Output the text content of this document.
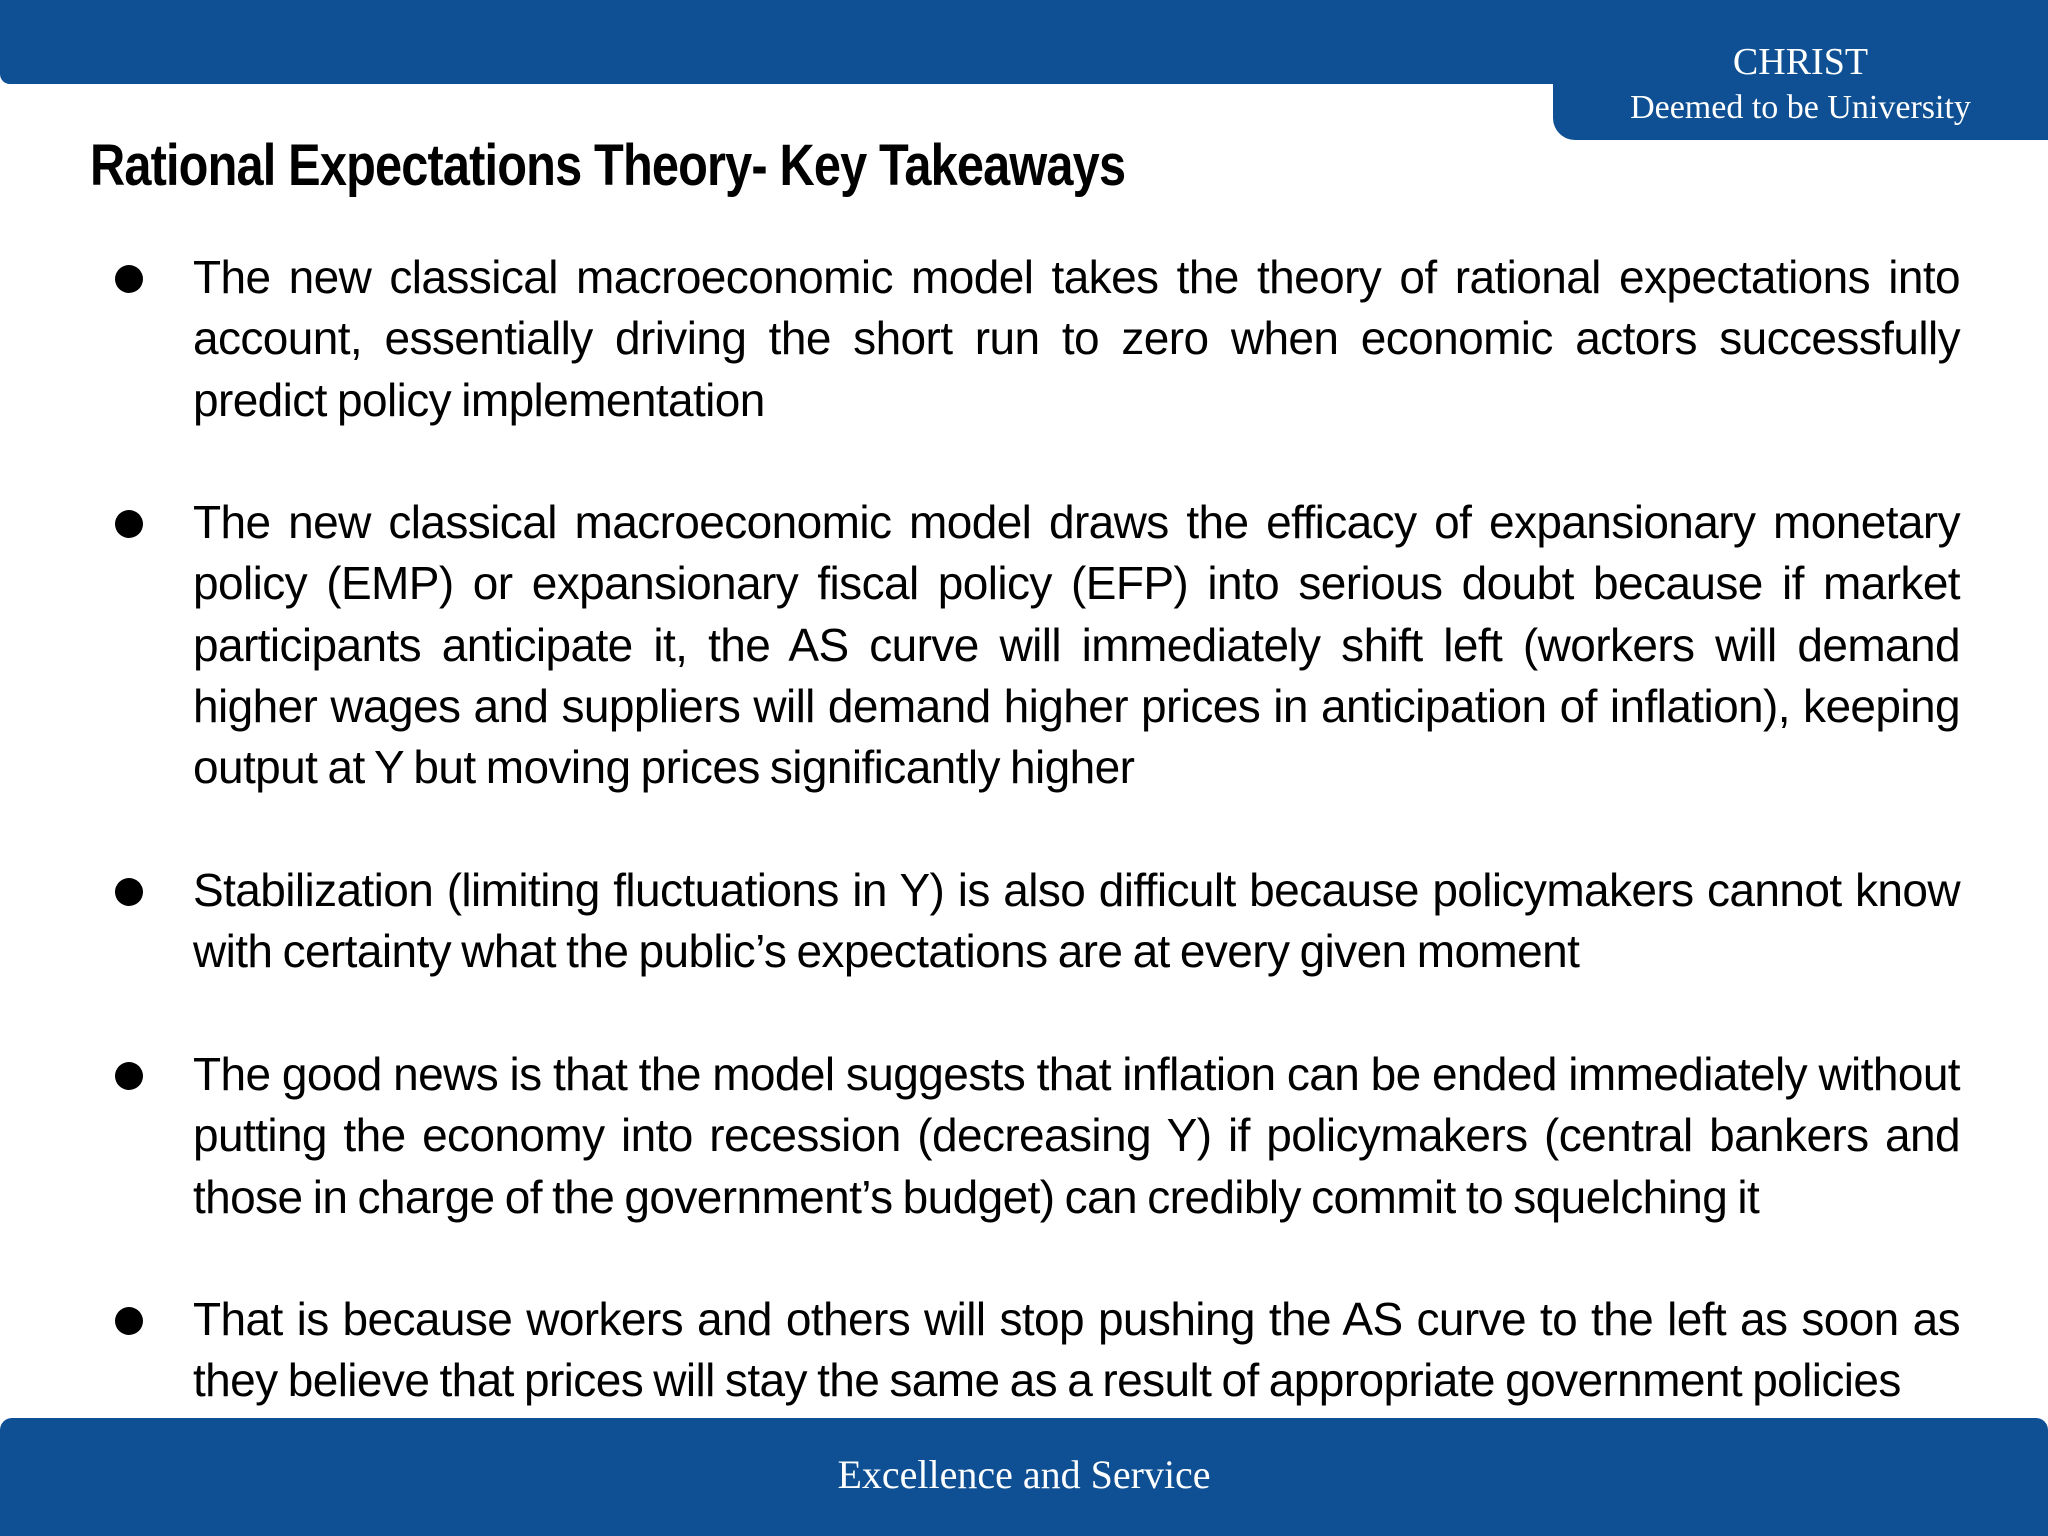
CHRIST
Deemed to be University
Rational Expectations Theory- Key Takeaways
The new classical macroeconomic model takes the theory of rational expectations into account, essentially driving the short run to zero when economic actors successfully predict policy implementation
The new classical macroeconomic model draws the efficacy of expansionary monetary policy (EMP) or expansionary fiscal policy (EFP) into serious doubt because if market participants anticipate it, the AS curve will immediately shift left (workers will demand higher wages and suppliers will demand higher prices in anticipation of inflation), keeping output at Y but moving prices significantly higher
Stabilization (limiting fluctuations in Y) is also difficult because policymakers cannot know with certainty what the public’s expectations are at every given moment
The good news is that the model suggests that inflation can be ended immediately without putting the economy into recession (decreasing Y) if policymakers (central bankers and those in charge of the government’s budget) can credibly commit to squelching it
That is because workers and others will stop pushing the AS curve to the left as soon as they believe that prices will stay the same as a result of appropriate government policies
Excellence and Service
